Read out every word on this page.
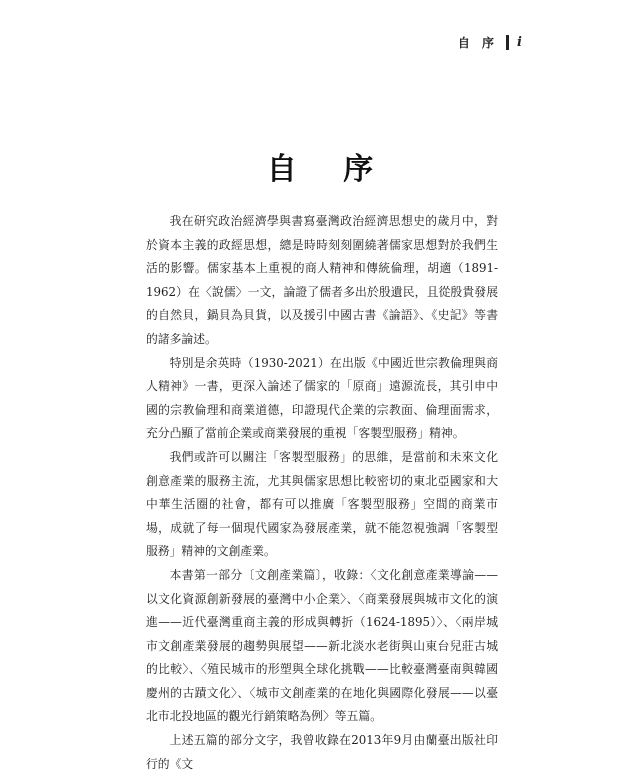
自 序 i
自 序

我在研究政治經濟學與書寫臺灣政治經濟思想史的歲月中，對於資本主義的政經思想，總是時時刻刻圍繞著儒家思想對於我們生活的影響。儒家基本上重視的商人精神和傳統倫理，胡適（1891-1962）在〈說儒〉一文，論證了儒者多出於殷遺民，且從殷貴發展的自然貝，鍋貝為貝貨，以及援引中國古書《論語》、《史記》等書的諸多論述。

特別是余英時（1930-2021）在出版《中國近世宗教倫理與商人精神》一書，更深入論述了儒家的「原商」遠源流長，其引申中國的宗教倫理和商業道德，印證現代企業的宗教面、倫理面需求，充分凸顯了當前企業或商業發展的重視「客製型服務」精神。

我們或許可以關注「客製型服務」的思維，是當前和未來文化創意產業的服務主流，尤其與儒家思想比較密切的東北亞國家和大中華生活圈的社會，都有可以推廣「客製型服務」空間的商業市場，成就了每一個現代國家為發展產業，就不能忽視強調「客製型服務」精神的文創產業。

本書第一部分〔文創產業篇〕，收錄：〈文化創意產業導論——以文化資源創新發展的臺灣中小企業〉、〈商業發展與城市文化的演進——近代臺灣重商主義的形成與轉折（1624-1895）〉、〈兩岸城市文創產業發展的趨勢與展望——新北淡水老街與山東台兒莊古城的比較〉、〈殖民城市的形塑與全球化挑戰——比較臺灣臺南與韓國慶州的古蹟文化〉、〈城市文創產業的在地化與國際化發展——以臺北市北投地區的觀光行銷策略為例〉等五篇。

上述五篇的部分文字，我曾收錄在2013年9月由蘭臺出版社印行的《文
